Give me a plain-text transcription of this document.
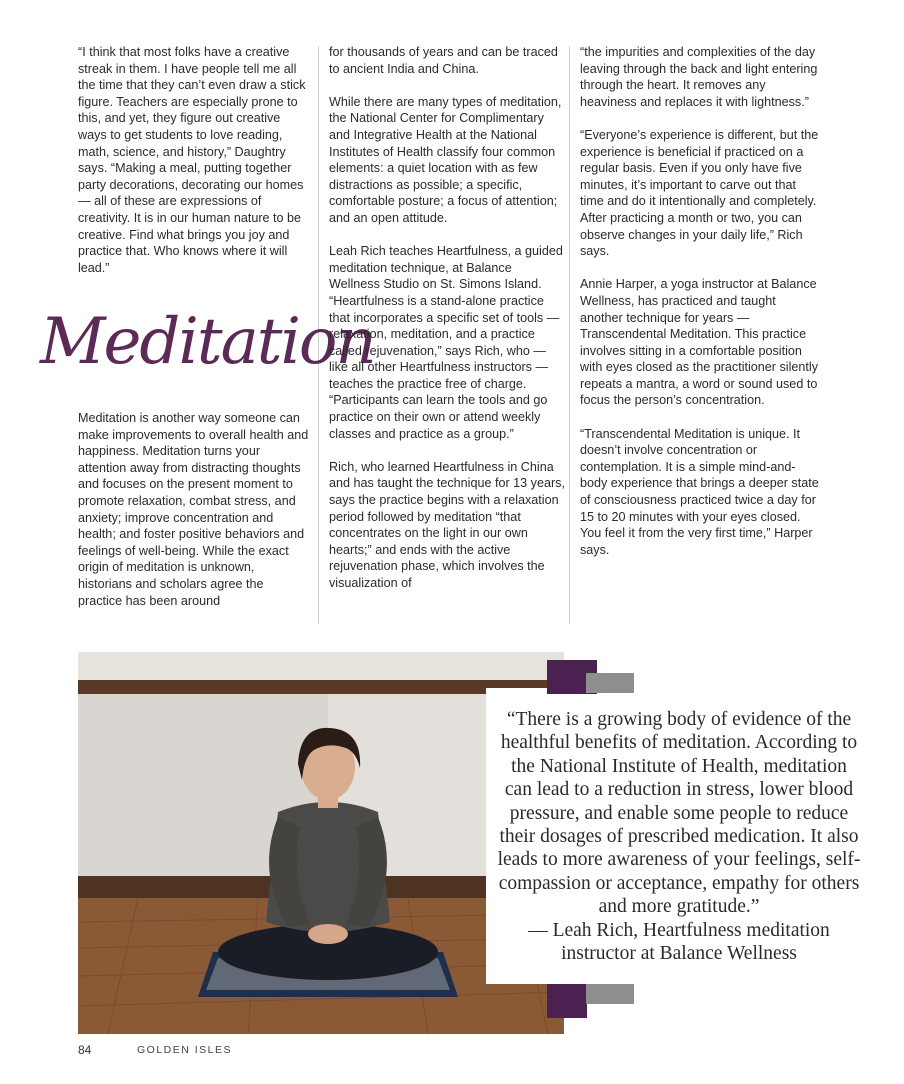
“I think that most folks have a creative streak in them. I have people tell me all the time that they can’t even draw a stick figure. Teachers are especially prone to this, and yet, they figure out creative ways to get students to love reading, math, science, and history,” Daughtry says. “Making a meal, putting together party decorations, decorating our homes — all of these are expressions of creativity. It is in our human nature to be creative. Find what brings you joy and practice that. Who knows where it will lead.”

Meditation

Meditation is another way someone can make improvements to overall health and happiness. Meditation turns your attention away from distracting thoughts and focuses on the present moment to promote relaxation, combat stress, and anxiety; improve concentration and health; and foster positive behaviors and feelings of well-being. While the exact origin of meditation is unknown, historians and scholars agree the practice has been around

for thousands of years and can be traced to ancient India and China.

While there are many types of meditation, the National Center for Complimentary and Integrative Health at the National Institutes of Health classify four common elements: a quiet location with as few distractions as possible; a specific, comfortable posture; a focus of attention; and an open attitude.

Leah Rich teaches Heartfulness, a guided meditation technique, at Balance Wellness Studio on St. Simons Island. “Heartfulness is a stand-alone practice that incorporates a specific set of tools — relaxation, meditation, and a practice called rejuvenation,” says Rich, who — like all other Heartfulness instructors — teaches the practice free of charge. “Participants can learn the tools and go practice on their own or attend weekly classes and practice as a group.”

Rich, who learned Heartfulness in China and has taught the technique for 13 years, says the practice begins with a relaxation period followed by meditation “that concentrates on the light in our own hearts;” and ends with the active rejuvenation phase, which involves the visualization of

“the impurities and complexities of the day leaving through the back and light entering through the heart. It removes any heaviness and replaces it with lightness.”

“Everyone’s experience is different, but the experience is beneficial if practiced on a regular basis. Even if you only have five minutes, it’s important to carve out that time and do it intentionally and completely. After practicing a month or two, you can observe changes in your daily life,” Rich says.

Annie Harper, a yoga instructor at Balance Wellness, has practiced and taught another technique for years — Transcendental Meditation. This practice involves sitting in a comfortable position with eyes closed as the practitioner silently repeats a mantra, a word or sound used to focus the person’s concentration.

“Transcendental Meditation is unique. It doesn’t involve concentration or contemplation. It is a simple mind-and-body experience that brings a deeper state of consciousness practiced twice a day for 15 to 20 minutes with your eyes closed. You feel it from the very first time,” Harper says.

“There is a growing body of evidence of the healthful benefits of meditation. According to the National Institute of Health, meditation can lead to a reduction in stress, lower blood pressure, and enable some people to reduce their dosages of prescribed medication. It also leads to more awareness of your feelings, self-compassion or acceptance, empathy for others and more gratitude.”

— Leah Rich, Heartfulness meditation

instructor at Balance Wellness

84	GOLDEN ISLES
